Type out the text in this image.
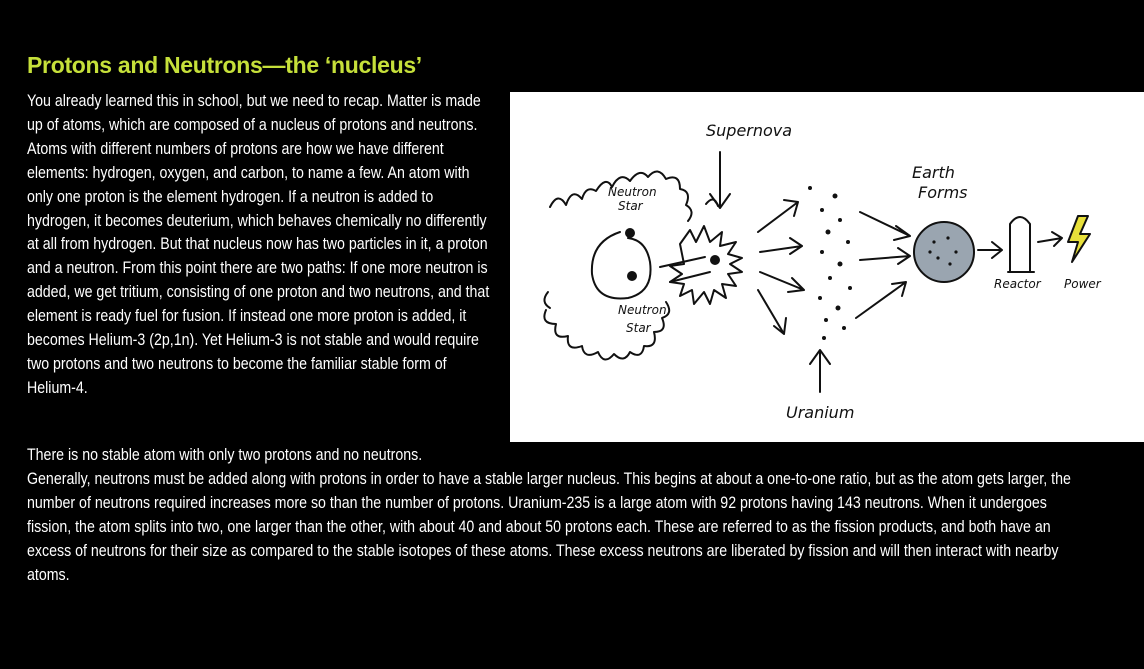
Protons and Neutrons—the ‘nucleus’
You already learned this in school, but we need to recap. Matter is made up of atoms, which are composed of a nucleus of protons and neutrons. Atoms with different numbers of protons are how we have different elements: hydrogen, oxygen, and carbon, to name a few. An atom with only one proton is the element hydrogen. If a neutron is added to hydrogen, it becomes deuterium, which behaves chemically no differently at all from hydrogen. But that nucleus now has two particles in it, a proton and a neutron. From this point there are two paths: If one more neutron is added, we get tritium, consisting of one proton and two neutrons, and that element is ready fuel for fusion. If instead one more proton is added, it becomes Helium-3 (2p,1n). Yet Helium-3 is not stable and would require two protons and two neutrons to become the familiar stable form of Helium-4.
There is no stable atom with only two protons and no neutrons.
Generally, neutrons must be added along with protons in order to have a stable larger nucleus. This begins at about a one-to-one ratio, but as the atom gets larger, the number of neutrons required increases more so than the number of protons. Uranium-235 is a large atom with 92 protons having 143 neutrons. When it undergoes fission, the atom splits into two, one larger than the other, with about 40 and about 50 protons each. These are referred to as the fission products, and both have an excess of neutrons for their size as compared to the stable isotopes of these atoms. These excess neutrons are liberated by fission and will then interact with nearby atoms.
Supernova
Neutron
Star
Neutron
Star
Uranium
Earth
Forms
Reactor Power
